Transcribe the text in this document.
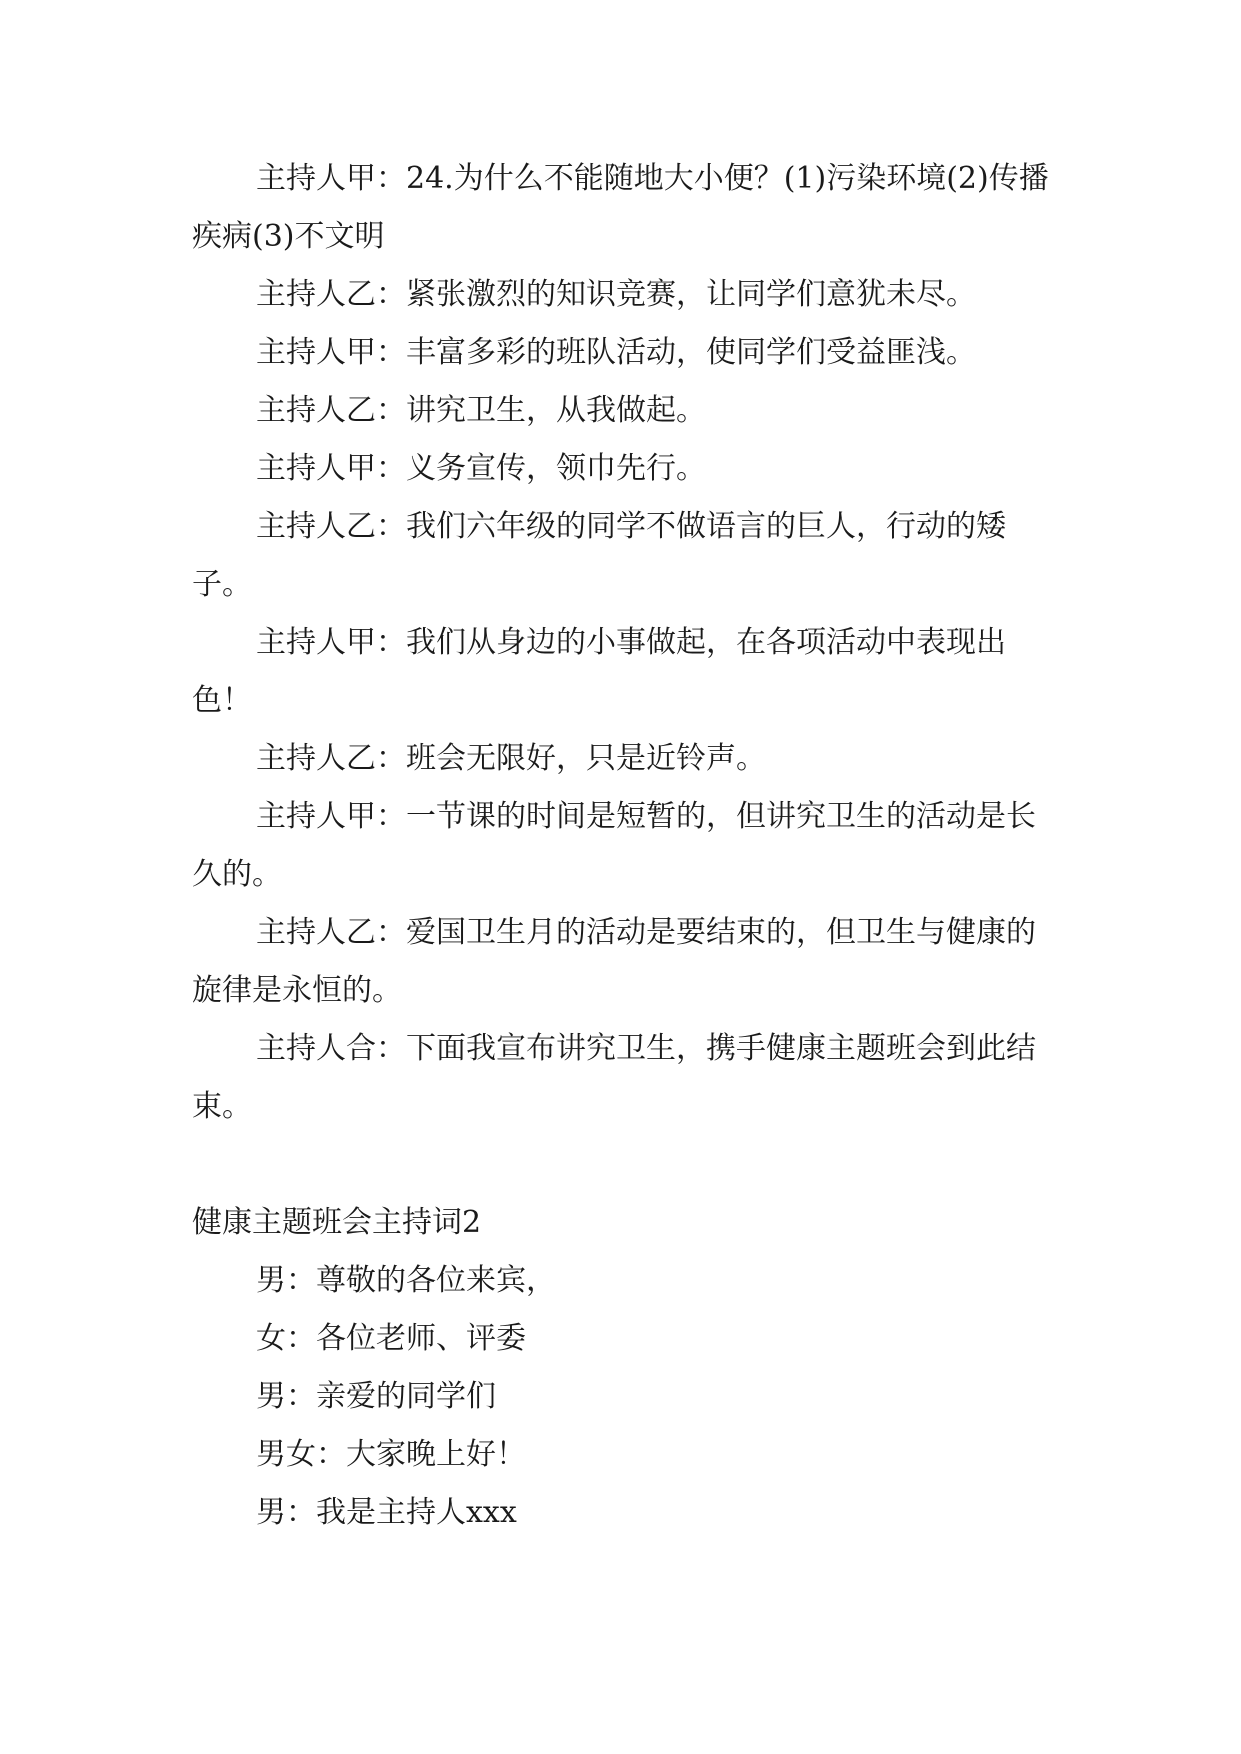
主持人甲：24.为什么不能随地大小便？(1)污染环境(2)传播疾病(3)不文明

主持人乙：紧张激烈的知识竞赛，让同学们意犹未尽。

主持人甲：丰富多彩的班队活动，使同学们受益匪浅。

主持人乙：讲究卫生，从我做起。

主持人甲：义务宣传，领巾先行。

主持人乙：我们六年级的同学不做语言的巨人，行动的矮子。

主持人甲：我们从身边的小事做起，在各项活动中表现出色！

主持人乙：班会无限好，只是近铃声。

主持人甲：一节课的时间是短暂的，但讲究卫生的活动是长久的。

主持人乙：爱国卫生月的活动是要结束的，但卫生与健康的旋律是永恒的。

主持人合：下面我宣布讲究卫生，携手健康主题班会到此结束。

健康主题班会主持词2

男：尊敬的各位来宾，

女：各位老师、评委

男：亲爱的同学们

男女：大家晚上好！

男：我是主持人xxx
